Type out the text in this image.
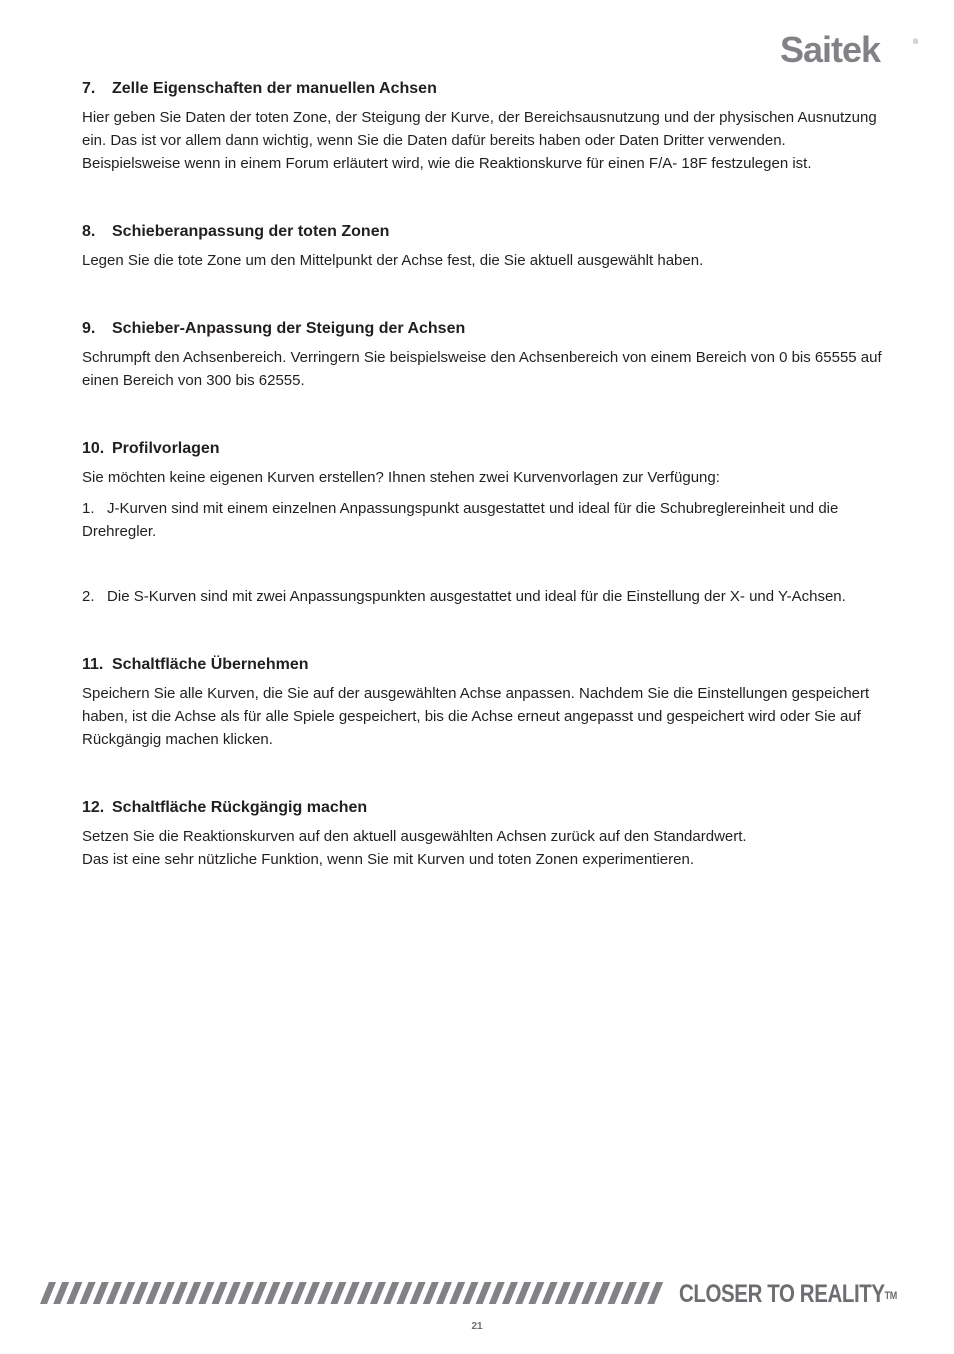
Saitek	®
7. Zelle Eigenschaften der manuellen Achsen

Hier geben Sie Daten der toten Zone, der Steigung der Kurve, der Bereichsausnutzung und der physischen Ausnutzung ein. Das ist vor allem dann wichtig, wenn Sie die Daten dafür bereits haben oder Daten Dritter verwenden. Beispielsweise wenn in einem Forum erläutert wird, wie die Reaktionskurve für einen F/A- 18F festzulegen ist.

8. Schieberanpassung der toten Zonen

Legen Sie die tote Zone um den Mittelpunkt der Achse fest, die Sie aktuell ausgewählt haben.

9. Schieber-Anpassung der Steigung der Achsen

Schrumpft den Achsenbereich. Verringern Sie beispielsweise den Achsenbereich von einem Bereich von 0 bis 65555 auf einen Bereich von 300 bis 62555.

10. Profilvorlagen

Sie möchten keine eigenen Kurven erstellen? Ihnen stehen zwei Kurvenvorlagen zur Verfügung:

1. J-Kurven sind mit einem einzelnen Anpassungspunkt ausgestattet und ideal für die Schubreglereinheit und die Drehregler.

2. Die S-Kurven sind mit zwei Anpassungspunkten ausgestattet und ideal für die Einstellung der X- und Y-Achsen.

11. Schaltfläche Übernehmen

Speichern Sie alle Kurven, die Sie auf der ausgewählten Achse anpassen. Nachdem Sie die Einstellungen gespeichert haben, ist die Achse als für alle Spiele gespeichert, bis die Achse erneut angepasst und gespeichert wird oder Sie auf Rückgängig machen klicken.

12. Schaltfläche Rückgängig machen

Setzen Sie die Reaktionskurven auf den aktuell ausgewählten Achsen zurück auf den Standardwert.

Das ist eine sehr nützliche Funktion, wenn Sie mit Kurven und toten Zonen experimentieren.

CLOSER TO REALITY™
21
